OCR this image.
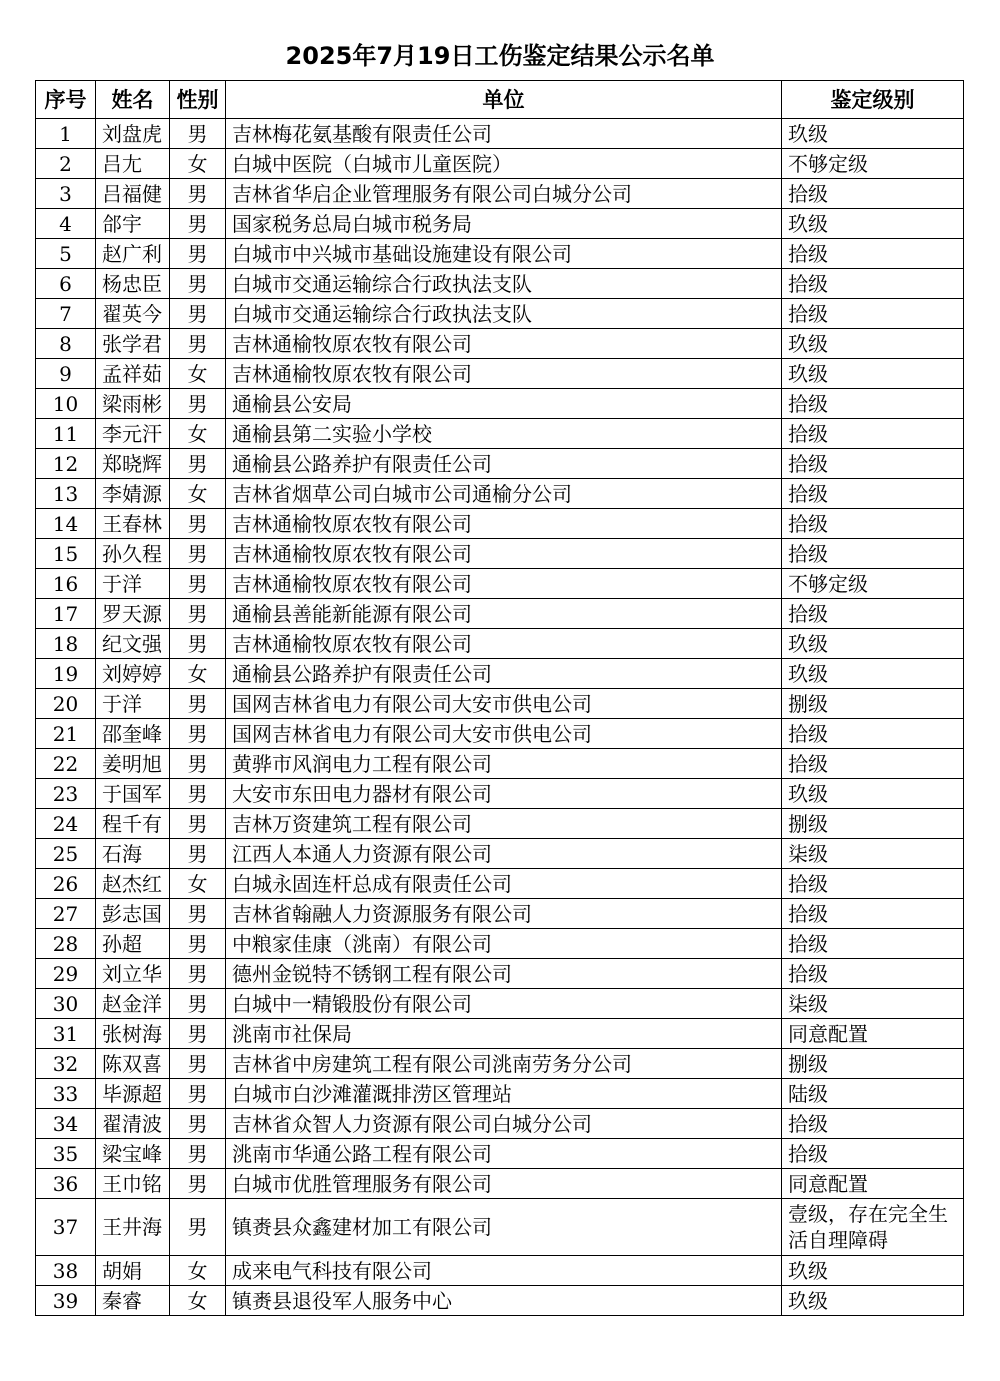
2025年7月19日工伤鉴定结果公示名单
序号	姓名	性别	单位	鉴定级别
1	刘盘虎	男	吉林梅花氨基酸有限责任公司	玖级
2	吕尢	女	白城中医院（白城市儿童医院）	不够定级
3	吕福健	男	吉林省华启企业管理服务有限公司白城分公司	拾级
4	郃宇	男	国家税务总局白城市税务局	玖级
5	赵广利	男	白城市中兴城市基础设施建设有限公司	拾级
6	杨忠臣	男	白城市交通运输综合行政执法支队	拾级
7	翟英今	男	白城市交通运输综合行政执法支队	拾级
8	张学君	男	吉林通榆牧原农牧有限公司	玖级
9	孟祥茹	女	吉林通榆牧原农牧有限公司	玖级
10	梁雨彬	男	通榆县公安局	拾级
11	李元汗	女	通榆县第二实验小学校	拾级
12	郑晓辉	男	通榆县公路养护有限责任公司	拾级
13	李婧源	女	吉林省烟草公司白城市公司通榆分公司	拾级
14	王春林	男	吉林通榆牧原农牧有限公司	拾级
15	孙久程	男	吉林通榆牧原农牧有限公司	拾级
16	于洋	男	吉林通榆牧原农牧有限公司	不够定级
17	罗天源	男	通榆县善能新能源有限公司	拾级
18	纪文强	男	吉林通榆牧原农牧有限公司	玖级
19	刘婷婷	女	通榆县公路养护有限责任公司	玖级
20	于洋	男	国网吉林省电力有限公司大安市供电公司	捌级
21	邵奎峰	男	国网吉林省电力有限公司大安市供电公司	拾级
22	姜明旭	男	黄骅市风润电力工程有限公司	拾级
23	于国军	男	大安市东田电力器材有限公司	玖级
24	程千有	男	吉林万资建筑工程有限公司	捌级
25	石海	男	江西人本通人力资源有限公司	柒级
26	赵杰红	女	白城永固连杆总成有限责任公司	拾级
27	彭志国	男	吉林省翰融人力资源服务有限公司	拾级
28	孙超	男	中粮家佳康（洮南）有限公司	拾级
29	刘立华	男	德州金锐特不锈钢工程有限公司	拾级
30	赵金洋	男	白城中一精锻股份有限公司	柒级
31	张树海	男	洮南市社保局	同意配置
32	陈双喜	男	吉林省中房建筑工程有限公司洮南劳务分公司	捌级
33	毕源超	男	白城市白沙滩灌溉排涝区管理站	陆级
34	翟清波	男	吉林省众智人力资源有限公司白城分公司	拾级
35	梁宝峰	男	洮南市华通公路工程有限公司	拾级
36	王巾铭	男	白城市优胜管理服务有限公司	同意配置
37	王井海	男	镇赉县众鑫建材加工有限公司	壹级，存在完全生活自理障碍
38	胡娟	女	成来电气科技有限公司	玖级
39	秦睿	女	镇赉县退役军人服务中心	玖级
